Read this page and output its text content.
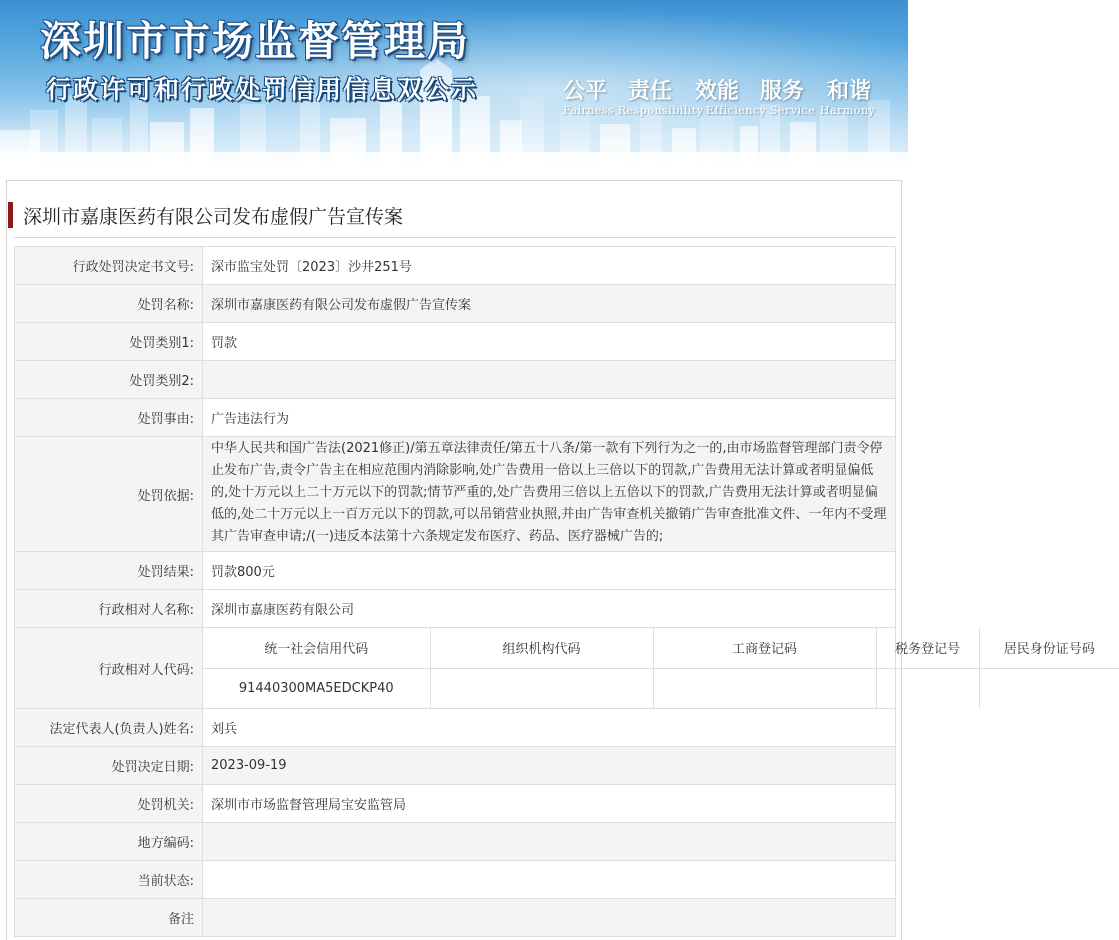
深圳市市场监督管理局
行政许可和行政处罚信用信息双公示	公平 责任 效能 服务 和谐
Fairness Responsibility Efficiency Service Harmony
深圳市嘉康医药有限公司发布虚假广告宣传案
行政处罚决定书文号:	深市监宝处罚〔2023〕沙井251号
处罚名称:	深圳市嘉康医药有限公司发布虚假广告宣传案
处罚类别1:	罚款
处罚类别2:	
处罚事由:	广告违法行为
处罚依据:	中华人民共和国广告法(2021修正)/第五章法律责任/第五十八条/第一款有下列行为之一的,由市场监督管理部门责令停止发布广告,责令广告主在相应范围内消除影响,处广告费用一倍以上三倍以下的罚款,广告费用无法计算或者明显偏低的,处十万元以上二十万元以下的罚款;情节严重的,处广告费用三倍以上五倍以下的罚款,广告费用无法计算或者明显偏低的,处二十万元以上一百万元以下的罚款,可以吊销营业执照,并由广告审查机关撤销广告审查批准文件、一年内不受理其广告审查申请;/(一)违反本法第十六条规定发布医疗、药品、医疗器械广告的;
处罚结果:	罚款800元
行政相对人名称:	深圳市嘉康医药有限公司
行政相对人代码:	
统一社会信用代码	组织机构代码	工商登记码	税务登记号	居民身份证号码
91440300MA5EDCKP40				

法定代表人(负责人)姓名:	刘兵
处罚决定日期:	2023-09-19
处罚机关:	深圳市市场监督管理局宝安监管局
地方编码:	
当前状态:	
备注	
